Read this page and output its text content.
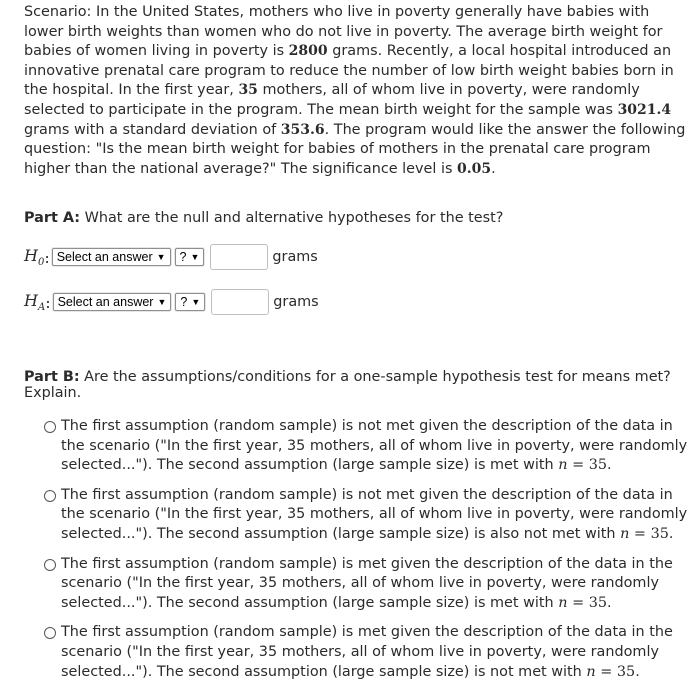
Scenario: In the United States, mothers who live in poverty generally have babies with lower birth weights than women who do not live in poverty. The average birth weight for babies of women living in poverty is 2800 grams. Recently, a local hospital introduced an innovative prenatal care program to reduce the number of low birth weight babies born in the hospital. In the first year, 35 mothers, all of whom live in poverty, were randomly selected to participate in the program. The mean birth weight for the sample was 3021.4 grams with a standard deviation of 353.6. The program would like the answer the following question: "Is the mean birth weight for babies of mothers in the prenatal care program higher than the national average?" The significance level is 0.05.

Part A: What are the null and alternative hypotheses for the test?

$H_0$ : Select an answer ▼ ? ▼	grams
$H_A$ : Select an answer ▼ ? ▼	grams

Part B: Are the assumptions/conditions for a one-sample hypothesis test for means met? Explain.

The first assumption (random sample) is not met given the description of the data in the scenario ("In the first year, 35 mothers, all of whom live in poverty, were randomly selected..."). The second assumption (large sample size) is met with n = 35.
The first assumption (random sample) is not met given the description of the data in the scenario ("In the first year, 35 mothers, all of whom live in poverty, were randomly selected..."). The second assumption (large sample size) is also not met with n = 35.
The first assumption (random sample) is met given the description of the data in the scenario ("In the first year, 35 mothers, all of whom live in poverty, were randomly selected..."). The second assumption (large sample size) is met with n = 35.
The first assumption (random sample) is met given the description of the data in the scenario ("In the first year, 35 mothers, all of whom live in poverty, were randomly selected..."). The second assumption (large sample size) is not met with n = 35.
